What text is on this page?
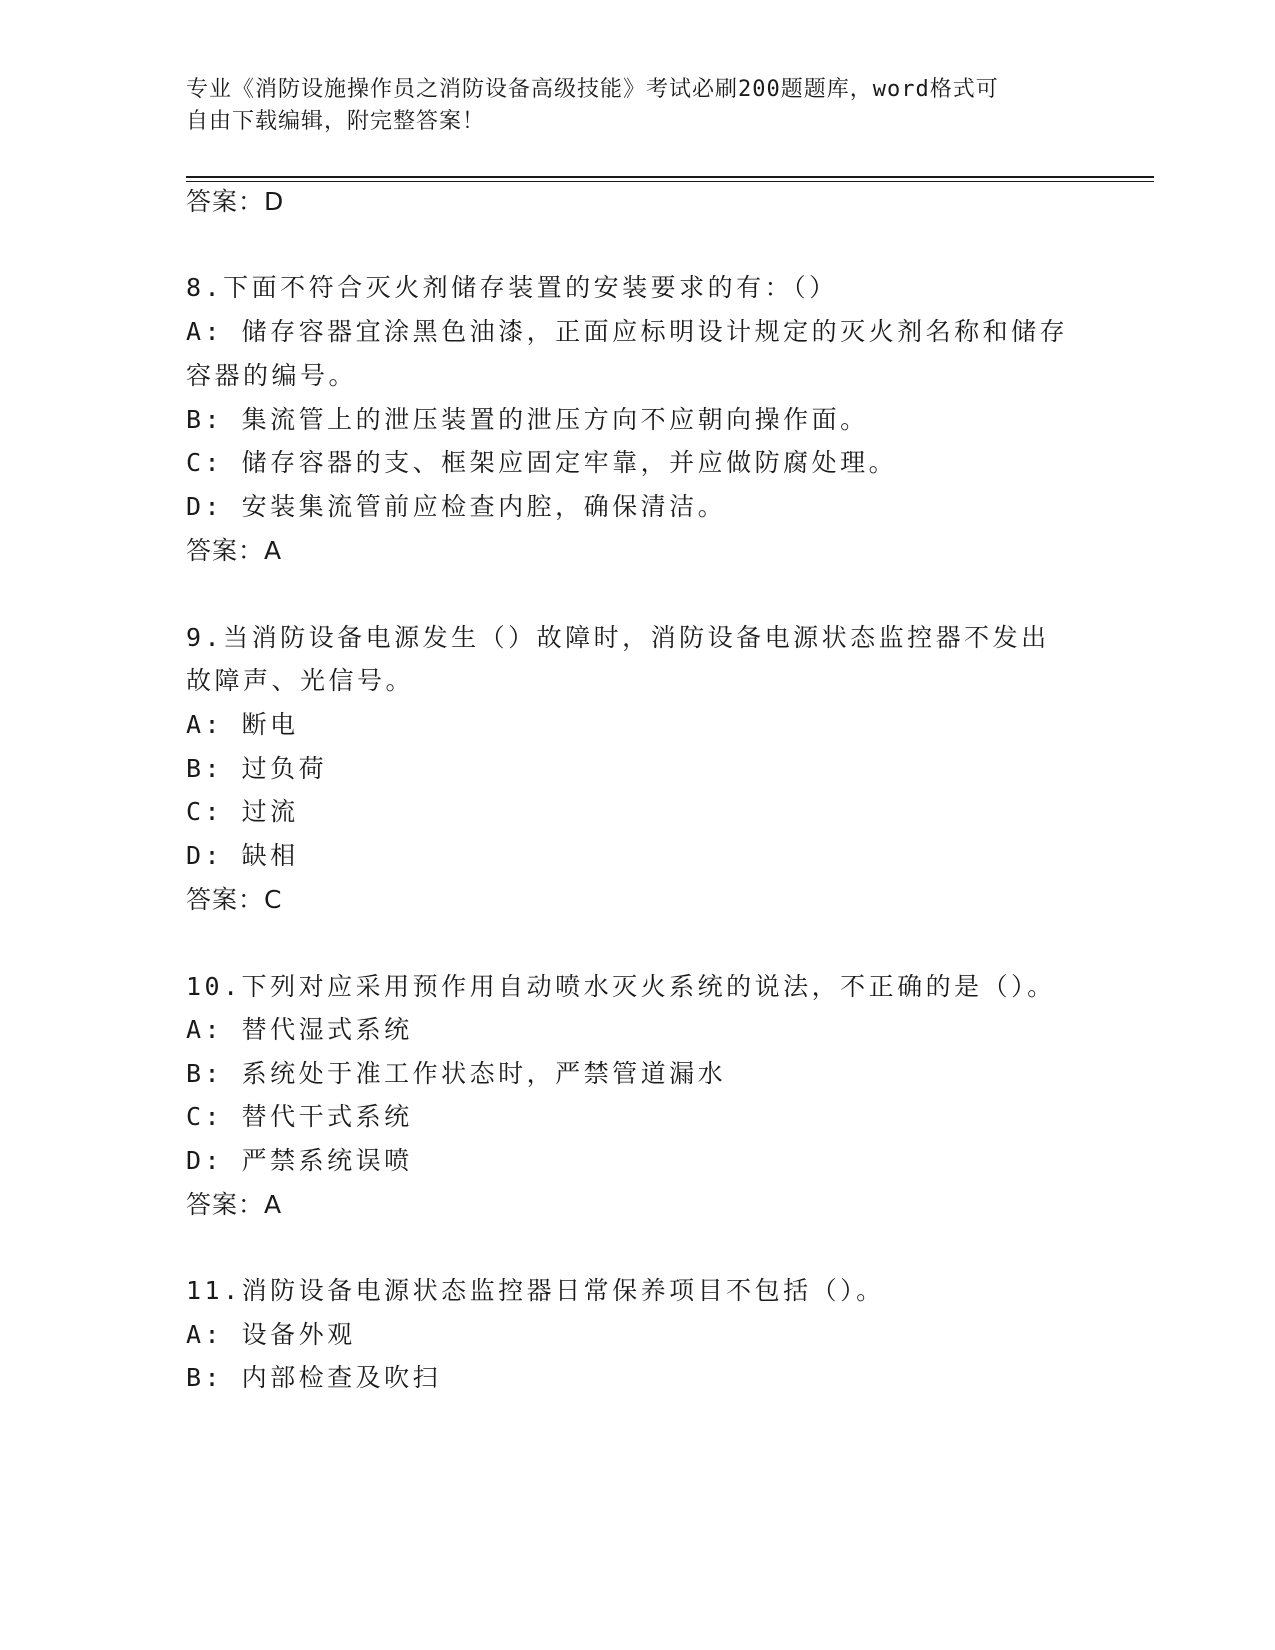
专业《消防设施操作员之消防设备高级技能》考试必刷200题题库，word格式可
自由下载编辑，附完整答案！
答案：D
8.下面不符合灭火剂储存装置的安装要求的有：（）
A: 储存容器宜涂黑色油漆，正面应标明设计规定的灭火剂名称和储存
容器的编号。
B: 集流管上的泄压装置的泄压方向不应朝向操作面。
C: 储存容器的支、框架应固定牢靠，并应做防腐处理。
D: 安装集流管前应检查内腔，确保清洁。
答案：A
9.当消防设备电源发生（）故障时，消防设备电源状态监控器不发出
故障声、光信号。
A: 断电
B: 过负荷
C: 过流
D: 缺相
答案：C
10.下列对应采用预作用自动喷水灭火系统的说法，不正确的是（）。
A: 替代湿式系统
B: 系统处于准工作状态时，严禁管道漏水
C: 替代干式系统
D: 严禁系统误喷
答案：A
11.消防设备电源状态监控器日常保养项目不包括（）。
A: 设备外观
B: 内部检查及吹扫
